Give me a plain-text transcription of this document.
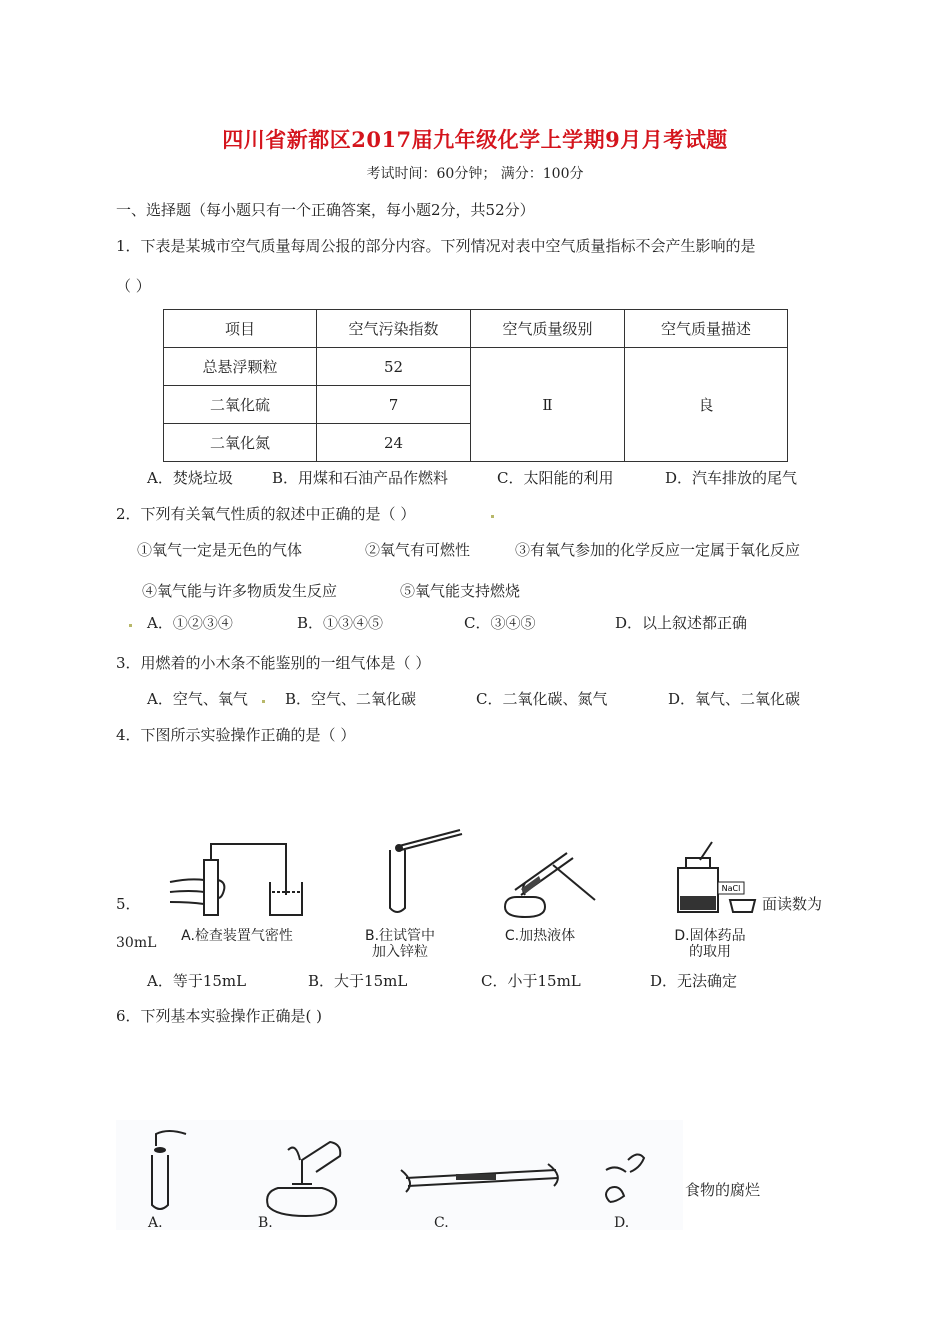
四川省新都区2017届九年级化学上学期9月月考试题
考试时间：60分钟； 满分：100分
一、选择题（每小题只有一个正确答案，每小题2分，共52分）
1．下表是某城市空气质量每周公报的部分内容。下列情况对表中空气质量指标不会产生影响的是
（ ）
项目	空气污染指数	空气质量级别	空气质量描述
总悬浮颗粒	52	Ⅱ	良
二氧化硫	7		
二氧化氮	24		
A．焚烧垃圾	B．用煤和石油产品作燃料	C．太阳能的利用	D．汽车排放的尾气
2．下列有关氧气性质的叙述中正确的是（ ）
①氧气一定是无色的气体	②氧气有可燃性	③有氧气参加的化学反应一定属于氧化反应
④氧气能与许多物质发生反应	⑤氧气能支持燃烧
A．①②③④	B．①③④⑤	C．③④⑤	D．以上叙述都正确
3．用燃着的小木条不能鉴别的一组气体是（ ）
A．空气、氧气 B．空气、二氧化碳	C．二氧化碳、氮气	D．氧气、二氧化碳
4．下图所示实验操作正确的是（ ）
5．	面读数为
30mL
NaCl
A.检查装置气密性	B.往试管中
加入锌粒
C.加热液体	D.固体药品
的取用
A．等于15mL	B．大于15mL	C．小于15mL	D．无法确定
6．下列基本实验操作正确是( )
A.	B.	C.	D.
食物的腐烂
